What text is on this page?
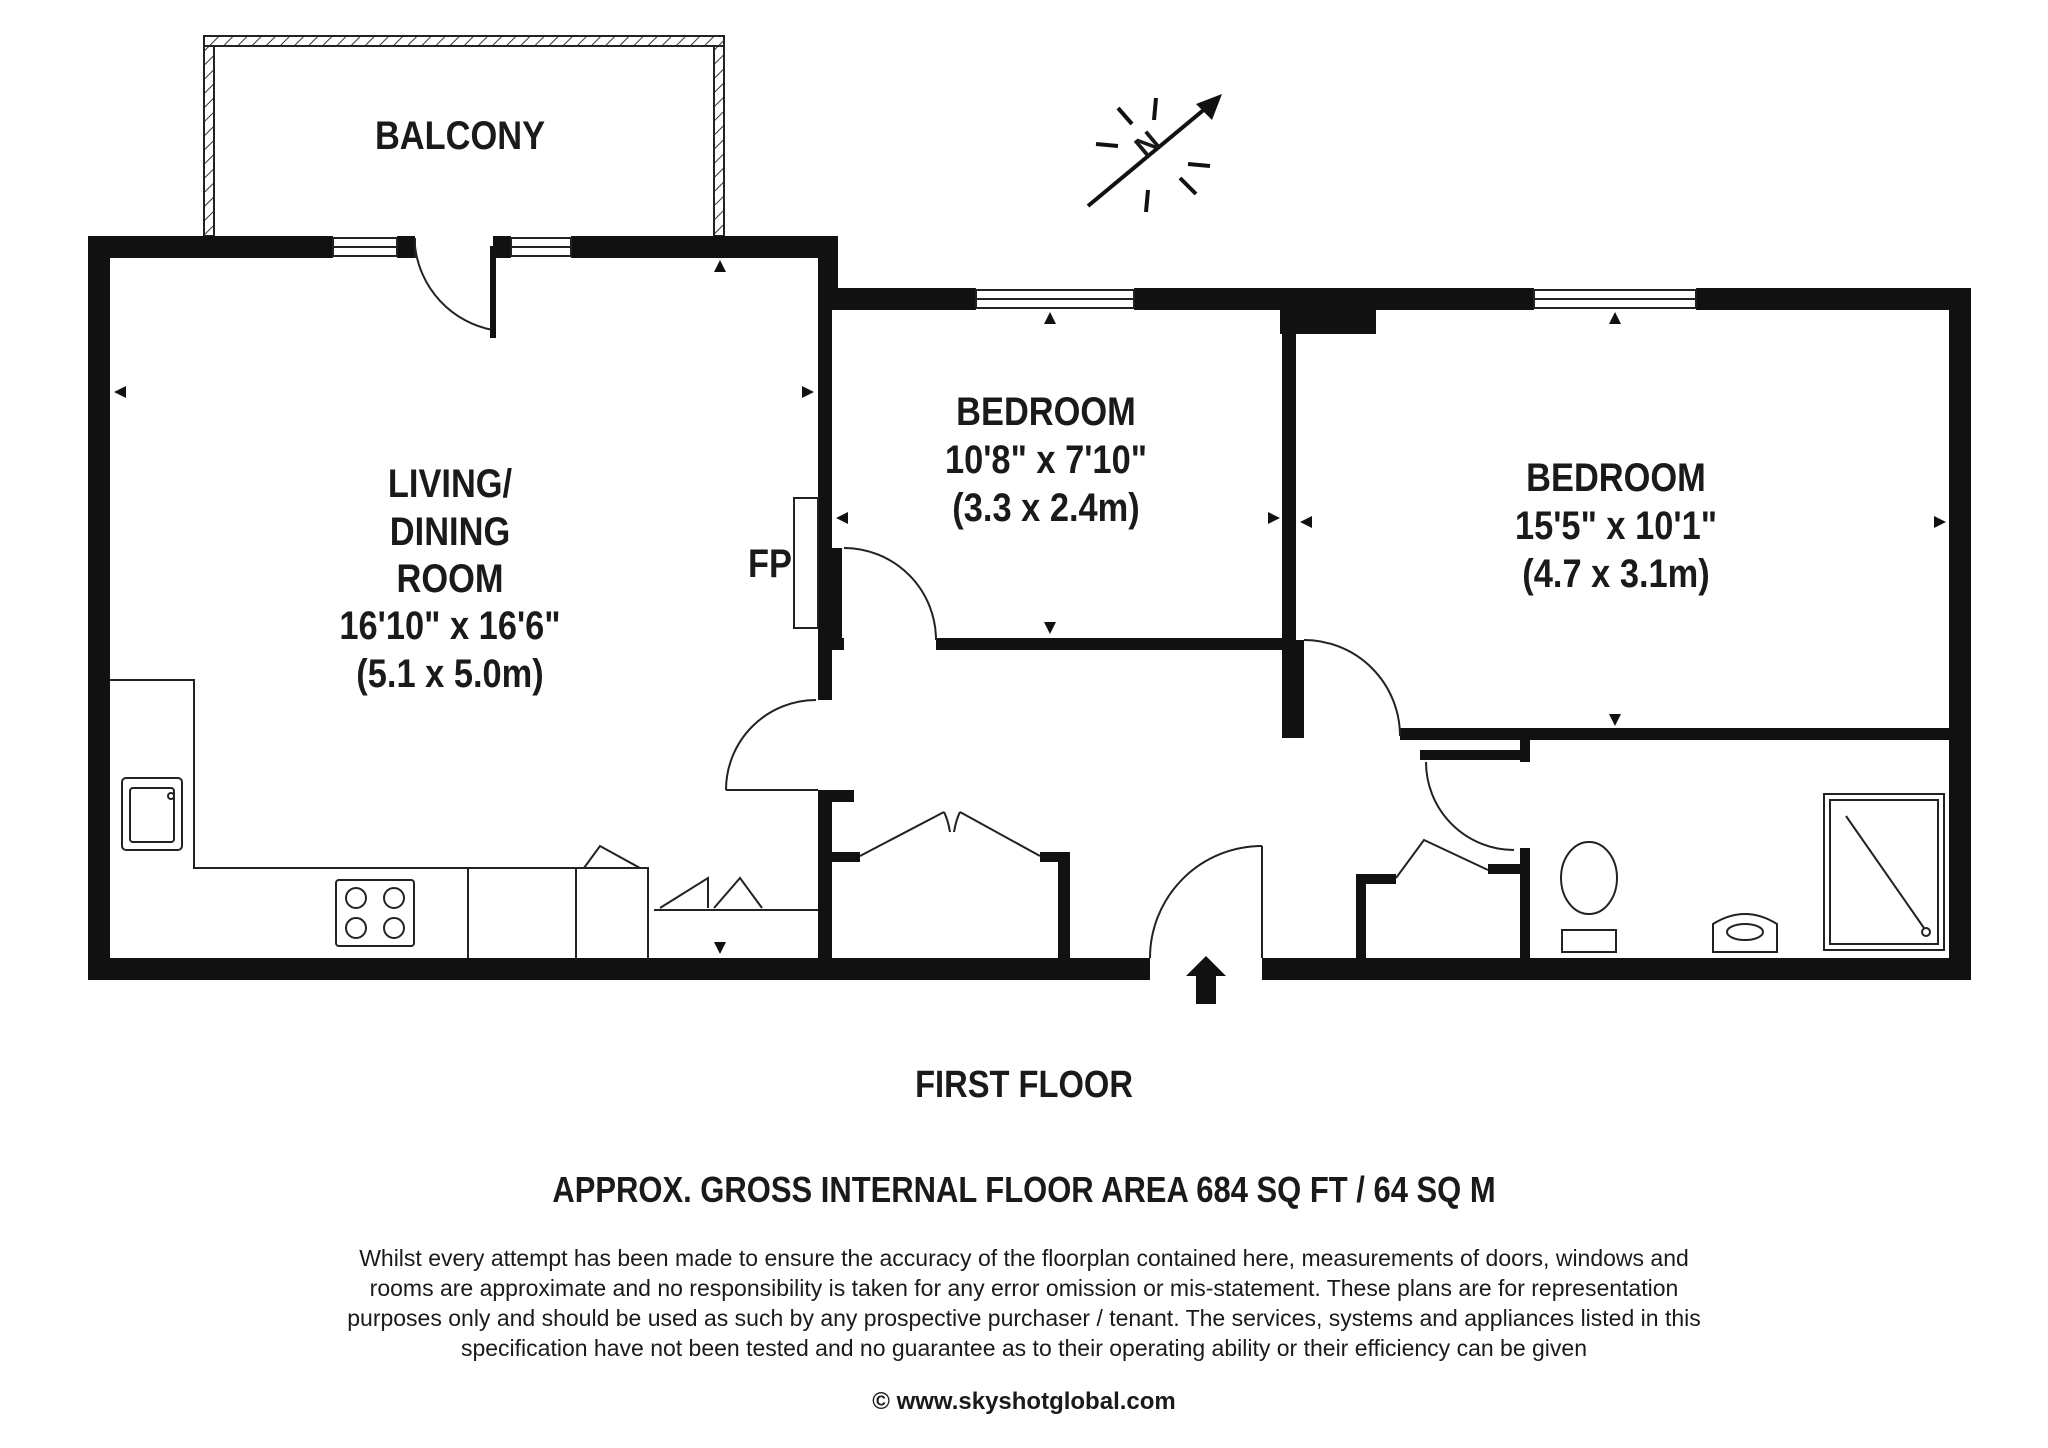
BALCONY
LIVING/
DINING
ROOM
16'10" x 16'6"
(5.1 x 5.0m)
BEDROOM
10'8" x 7'10"
(3.3 x 2.4m)
BEDROOM
15'5" x 10'1"
(4.7 x 3.1m)
FP
N
FIRST FLOOR
APPROX. GROSS INTERNAL FLOOR AREA 684 SQ FT / 64 SQ M
Whilst every attempt has been made to ensure the accuracy of the floorplan contained here, measurements of doors, windows and
rooms are approximate and no responsibility is taken for any error omission or mis-statement. These plans are for representation
purposes only and should be used as such by any prospective purchaser / tenant. The services, systems and appliances listed in this
specification have not been tested and no guarantee as to their operating ability or their efficiency can be given
© www.skyshotglobal.com
